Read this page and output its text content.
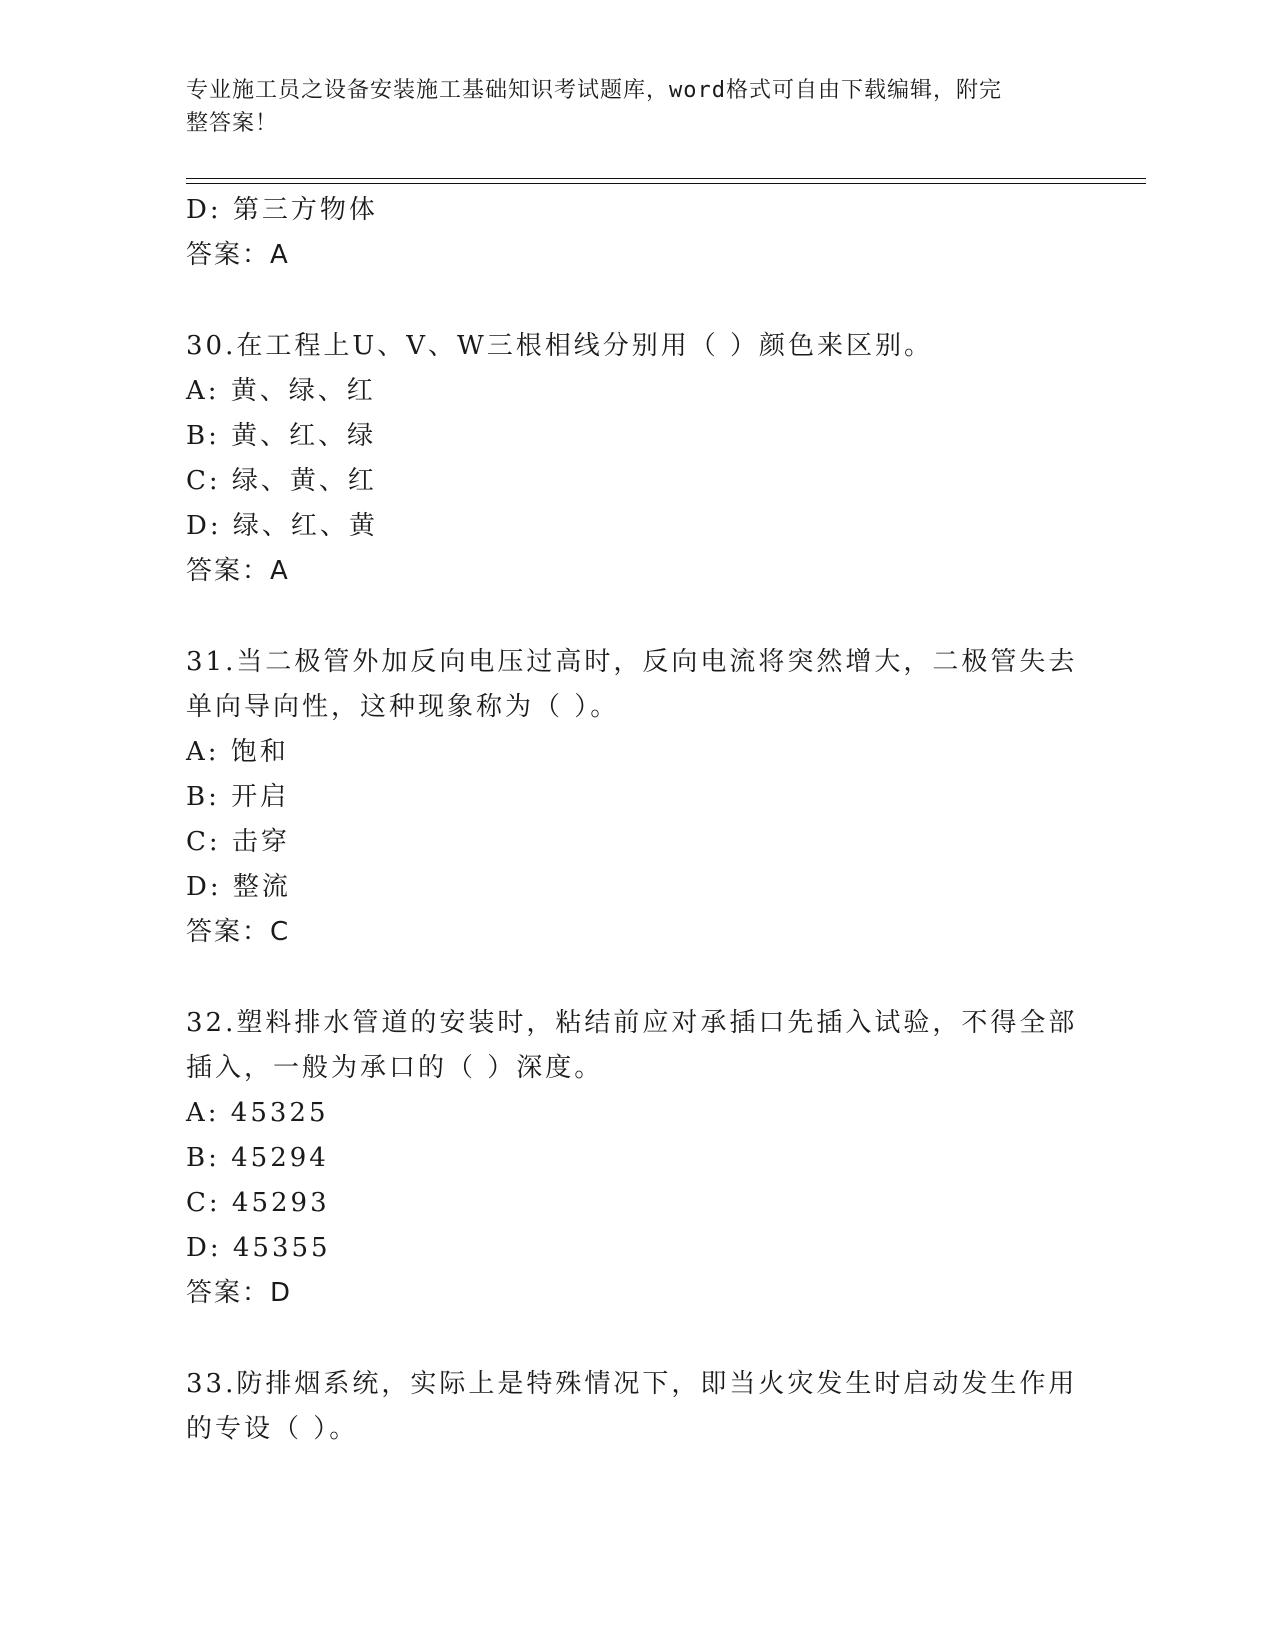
专业施工员之设备安装施工基础知识考试题库，word格式可自由下载编辑，附完
整答案！
D: 第三方物体
答案：A
30.在工程上U、V、W三根相线分别用（ ）颜色来区别。
A: 黄、绿、红
B: 黄、红、绿
C: 绿、黄、红
D: 绿、红、黄
答案：A
31.当二极管外加反向电压过高时，反向电流将突然增大，二极管失去
单向导向性，这种现象称为（ ）。
A: 饱和
B: 开启
C: 击穿
D: 整流
答案：C
32.塑料排水管道的安装时，粘结前应对承插口先插入试验，不得全部
插入，一般为承口的（ ）深度。
A: 45325
B: 45294
C: 45293
D: 45355
答案：D
33.防排烟系统，实际上是特殊情况下，即当火灾发生时启动发生作用
的专设（ ）。
